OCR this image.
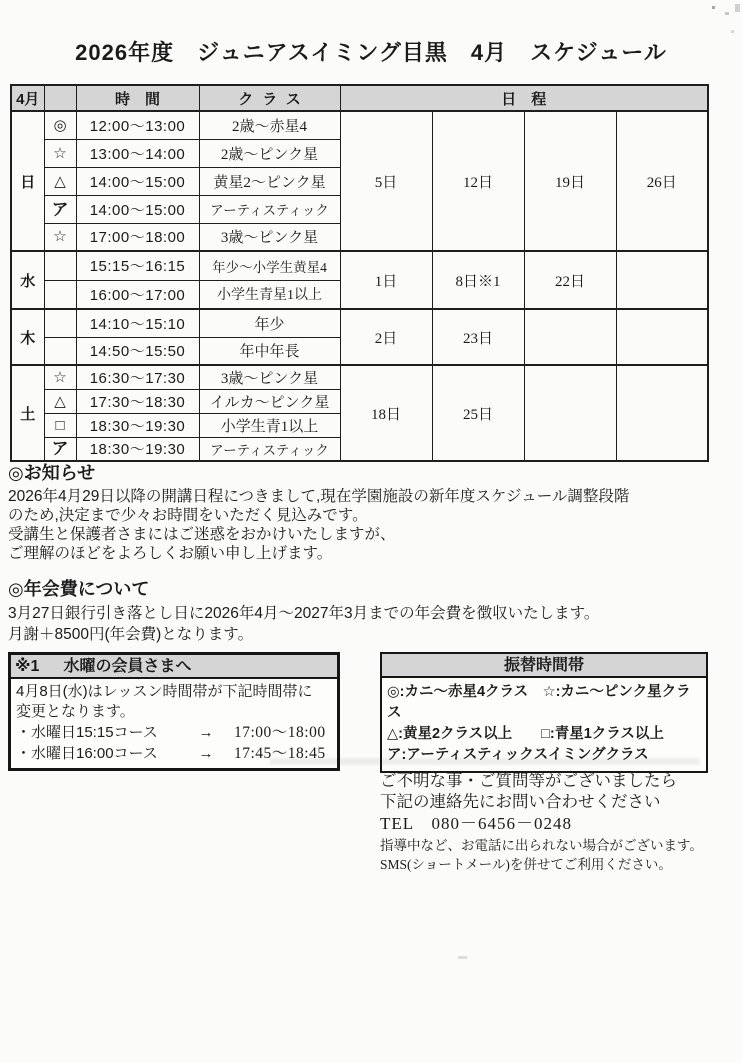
2026年度　ジュニアスイミング目黒　4月　スケジュール
4月		時　間	クラス	日　程			
日	◎	12:00～13:00	2歳～赤星4	5日	12日	19日	26日
	☆	13:00～14:00	2歳～ピンク星				
	△	14:00～15:00	黄星2～ピンク星				
	ア	14:00～15:00	アーティスティック				
	☆	17:00～18:00	3歳～ピンク星				
水		15:15～16:15	年少～小学生黄星4	1日	8日※1	22日	
		16:00～17:00	小学生青星1以上				
木		14:10～15:10	年少	2日	23日		
		14:50～15:50	年中年長				
土	☆	16:30～17:30	3歳～ピンク星	18日	25日		
	△	17:30～18:30	イルカ～ピンク星				
	□	18:30～19:30	小学生青1以上				
	ア	18:30～19:30	アーティスティック				
◎お知らせ
2026年4月29日以降の開講日程につきまして,現在学園施設の新年度スケジュール調整段階
のため,決定まで少々お時間をいただく見込みです。
受講生と保護者さまにはご迷惑をおかけいたしますが、
ご理解のほどをよろしくお願い申し上げます。
◎年会費について
3月27日銀行引き落とし日に2026年4月～2027年3月までの年会費を徴収いたします。
月謝＋8500円(年会費)となります。
※1 水曜の会員さまへ
4月8日(水)はレッスン時間帯が下記時間帯に
変更となります。
・水曜日15:15コース	→	17:00～18:00
・水曜日16:00コース	→	17:45～18:45
振替時間帯
◎:カニ～赤星4クラス　☆:カニ～ピンク星クラス
△:黄星2クラス以上　　□:青星1クラス以上
ア:アーティスティックスイミングクラス
ご不明な事・ご質問等がございましたら
下記の連絡先にお問い合わせください
TEL　080－6456－0248
指導中など、お電話に出られない場合がございます。
SMS(ショートメール)を併せてご利用ください。
